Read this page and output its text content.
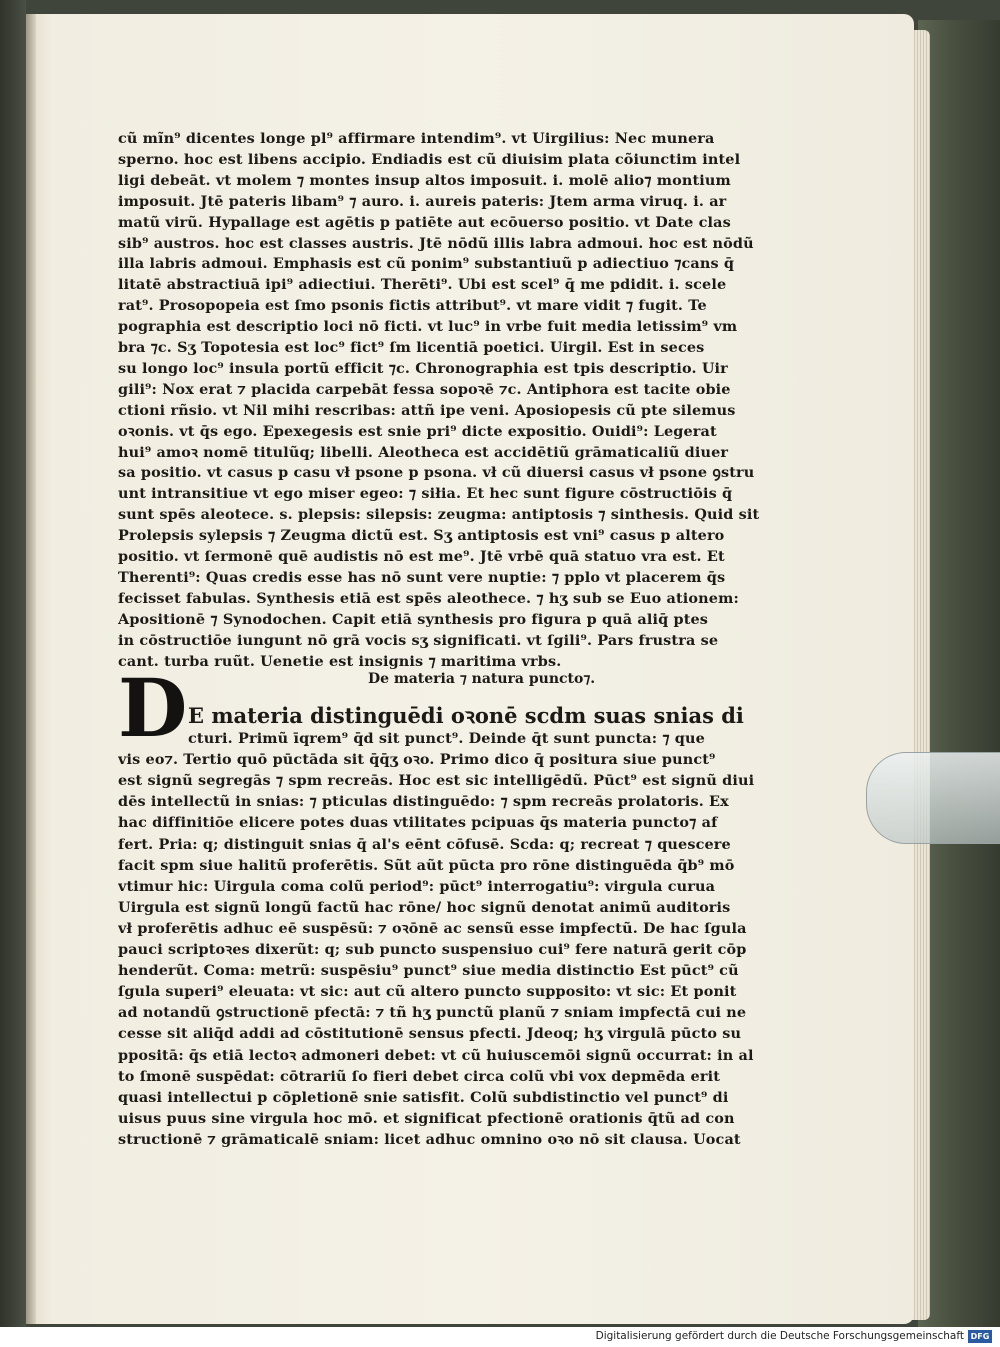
De materia ⁊ natura puncto⁊.
D E materia distinguēdi oꝛonē scdm suas snias di
cũ mĩn⁹ dicentes longe pl⁹ affirmare intendim⁹. vt Uirgilius: Nec munera
sperno. hoc est libens accipio. Endiadis est cũ diuisim plata cõiunctim intel
ligi debeāt. vt molem ⁊ montes insup altos imposuit. i. molē alio⁊ montium
imposuit. Jtē pateris libam⁹ ⁊ auro. i. aureis pateris: Jtem arma viruq. i. ar
matũ virũ. Hypallage est agētis p patiēte aut ecōuerso positio. vt Date clas
sib⁹ austros. hoc est classes austris. Jtē nōdũ illis labra admoui. hoc est nōdũ
illa labris admoui. Emphasis est cũ ponim⁹ substantiuũ p adiectiuo ⁊cans q̄
litatē abstractiuā ipi⁹ adiectiui. Therēti⁹. Ubi est scel⁹ q̄ me pdidit. i. scele
rat⁹. Prosopopeia est ſmo psonis fictis attribut⁹. vt mare vidit ⁊ fugit. Te
pographia est descriptio loci nō ficti. vt luc⁹ in vrbe fuit media letissim⁹ vm
bra ⁊c. Sʒ Topotesia est loc⁹ fict⁹ ſm licentiā poetici. Uirgil. Est in seces
su longo loc⁹ insula portũ efficit ⁊c. Chronographia est tpis descriptio. Uir
gili⁹: Nox erat ⁊ placida carpebāt fessa sopoꝛē ⁊c. Antiphora est tacite obie
ctioni rñsio. vt Nil mihi rescribas: attñ ipe veni. Aposiopesis cũ pte silemus
oꝛonis. vt q̄s ego. Epexegesis est snie pri⁹ dicte expositio. Ouidi⁹: Legerat
hui⁹ amoꝛ nomē titulũq; libelli. Aleotheca est accidētiũ grāmaticaliũ diuer
sa positio. vt casus p casu vł psone p psona. vł cũ diuersi casus vł psone ꝯstru
unt intransitiue vt ego miser egeo: ⁊ siłia. Et hec sunt figure cōstructiōis q̄
sunt spēs aleotece. s. plepsis: silepsis: zeugma: antiptosis ⁊ sinthesis. Quid sit
Prolepsis sylepsis ⁊ Zeugma dictũ est. Sʒ antiptosis est vni⁹ casus p altero
positio. vt ſermonē quē audistis nō est me⁹. Jtē vrbē quā statuo vra est. Et
Therenti⁹: Quas credis esse has nō sunt vere nuptie: ⁊ pplo vt placerem q̄s
fecisset fabulas. Synthesis etiā est spēs aleothece. ⁊ hʒ sub se Euo ationem:
Apositionē ⁊ Synodochen. Capit etiā synthesis pro figura p quā aliq̄ ptes
in cōstructiōe iungunt nō grā vocis sʒ significati. vt ſgili⁹. Pars frustra se
cant. turba ruũt. Uenetie est insignis ⁊ maritima vrbs.
cturi. Primũ īqrem⁹ q̄d sit punct⁹. Deinde q̄t sunt puncta: ⁊ que
vis eo⁊. Tertio quō pūctāda sit q̄q̄ʒ oꝛo. Primo dico q̄ positura siue punct⁹
est signũ segregās ⁊ spm recreās. Hoc est sic intelligēdũ. Pūct⁹ est signũ diui
dēs intellectũ in snias: ⁊ pticulas distinguēdo: ⁊ spm recreās prolatoris. Ex
hac diffinitiōe elicere potes duas vtilitates pcipuas q̄s materia puncto⁊ af
fert. Pria: q; distinguit snias q̄ al's eēnt cōfusē. Scda: q; recreat ⁊ quescere
facit spm siue halitũ proferētis. Sũt aũt pūcta pro rōne distinguēda q̄b⁹ mō
vtimur hic: Uirgula coma colũ period⁹: pūct⁹ interrogatiu⁹: virgula curua
Uirgula est signũ longũ factũ hac rōne/ hoc signũ denotat animũ auditoris
vł proferētis adhuc eē suspēsũ: ⁊ oꝛōnē ac sensũ esse impfectũ. De hac ſgula
pauci scriptoꝛes dixerũt: q; sub puncto suspensiuo cui⁹ fere naturā gerit cōp
henderũt. Coma: metrũ: suspēsiu⁹ punct⁹ siue media distinctio Est pūct⁹ cũ
ſgula superi⁹ eleuata: vt sic: aut cũ altero puncto supposito: vt sic: Et ponit
ad notandũ ꝯstructionē pfectā: ⁊ tñ hʒ punctũ planũ ⁊ sniam impfectā cui ne
cesse sit aliq̄d addi ad cōstitutionē sensus pfecti. Jdeoq; hʒ virgulā pūcto su
ppositā: q̄s etiā lectoꝛ admoneri debet: vt cũ huiuscemōi signũ occurrat: in al
to ſmonē suspēdat: cōtrariũ ſo fieri debet circa colũ vbi vox depmēda erit
quasi intellectui p cōpletionē snie satisfit. Colũ subdistinctio vel punct⁹ di
uisus puus sine virgula hoc mō. et significat pfectionē orationis q̄tũ ad con
structionē ⁊ grāmaticalē sniam: licet adhuc omnino oꝛo nō sit clausa. Uocat
Digitalisierung gefördert durch die Deutsche Forschungsgemeinschaft DFG
